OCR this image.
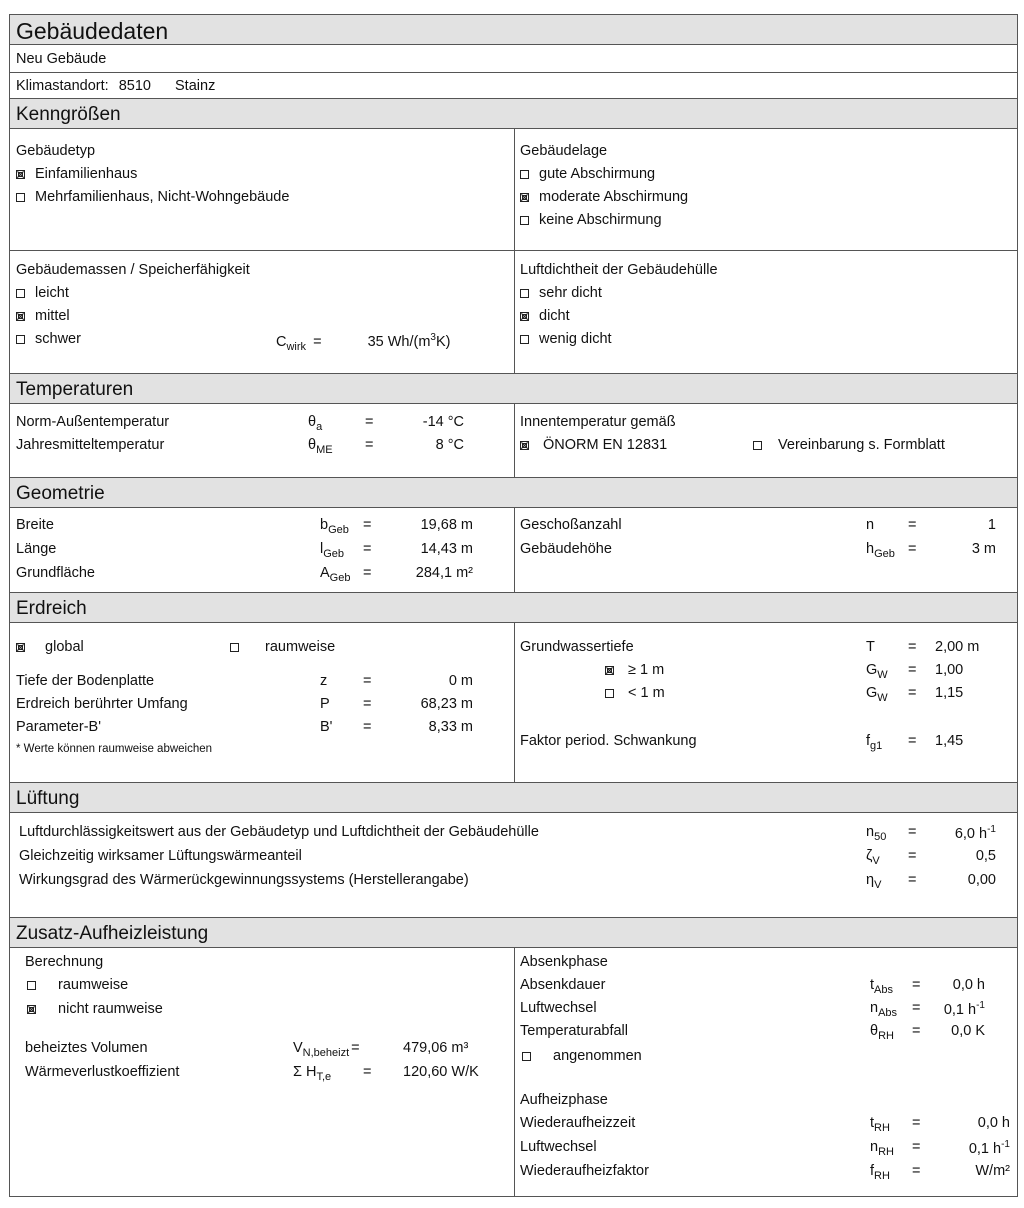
Gebäudedaten
Neu Gebäude
Klimastandort: 8510 Stainz
Kenngrößen
Gebäudetyp	Gebäudelage
Gebäudemassen / Speicherfähigkeit
$C_{wirk}$ =	35 $Wh/(m^3K)$
Luftdichtheit der Gebäudehülle
Temperaturen
Innentemperatur gemäß
ÖNORM EN 12831	Vereinbarung s. Formblatt
Geometrie
Erdreich
global	raumweise
* Werte können raumweise abweichen
Grundwassertiefe	T = 2,00 m
Faktor period. Schwankung	$f_{g1} = 1,45$
Lüftung
Zusatz-Aufheizleistung
Berechnung
raumweise
nicht raumweise
beheiztes Volumen	$V_{N,beheizt}$ =	479,06 m³
Wärmeverlustkoeffizient	Σ $H_{T,e} = 120,60$ W/K
Absenkphase
angenommen
Aufheizphase
Einfamilienhaus
Mehrfamilienhaus, Nicht-Wohngebäude
gute Abschirmung
moderate Abschirmung
keine Abschirmung
leicht
mittel
schwer
sehr dicht
dicht
wenig dicht
Norm-Außentemperatur	$\theta_a$	=	-14 °C
Jahresmitteltemperatur	$\theta_{ME}$ =	8 °C
Breite	$b_{Geb}$ =	19,68 m
Länge	$l_{Geb}$ =	14,43 m
Grundfläche	$A_{Geb}$ =	284,1 m²
Geschoßanzahl	n =	1
Gebäudehöhe	$h_{Geb}$ =	3 m
Tiefe der Bodenplatte	z =	0 m
Erdreich berührter Umfang	P =	68,23 m
Parameter-B'	B' =	8,33 m
Luftdurchlässigkeitswert aus der Gebäudetyp und Luftdichtheit der Gebäudehülle	$n_{50}$ =	6,0 $h^{-1}$
Gleichzeitig wirksamer Lüftungswärmeanteil	$\zeta_V$ =	0,5
Wirkungsgrad des Wärmerückgewinnungssystems (Herstellerangabe)	$\eta_V$ =	0,00
Absenkdauer	$t_{Abs} = 0,0$ h
Luftwechsel	$n_{Abs} = 0,1$ $h^{-1}$
Temperaturabfall	$\theta_{RH} = 0,0$ K
Wiederaufheizzeit	$t_{RH}$ =	0,0 h
Luftwechsel	$n_{RH}$ =	0,1 $h^{-1}$
Wiederaufheizfaktor	$f_{RH}$ =	W/m²
≥ 1 m	$G_W = 1,00$
< 1 m	$G_W = 1,15$
